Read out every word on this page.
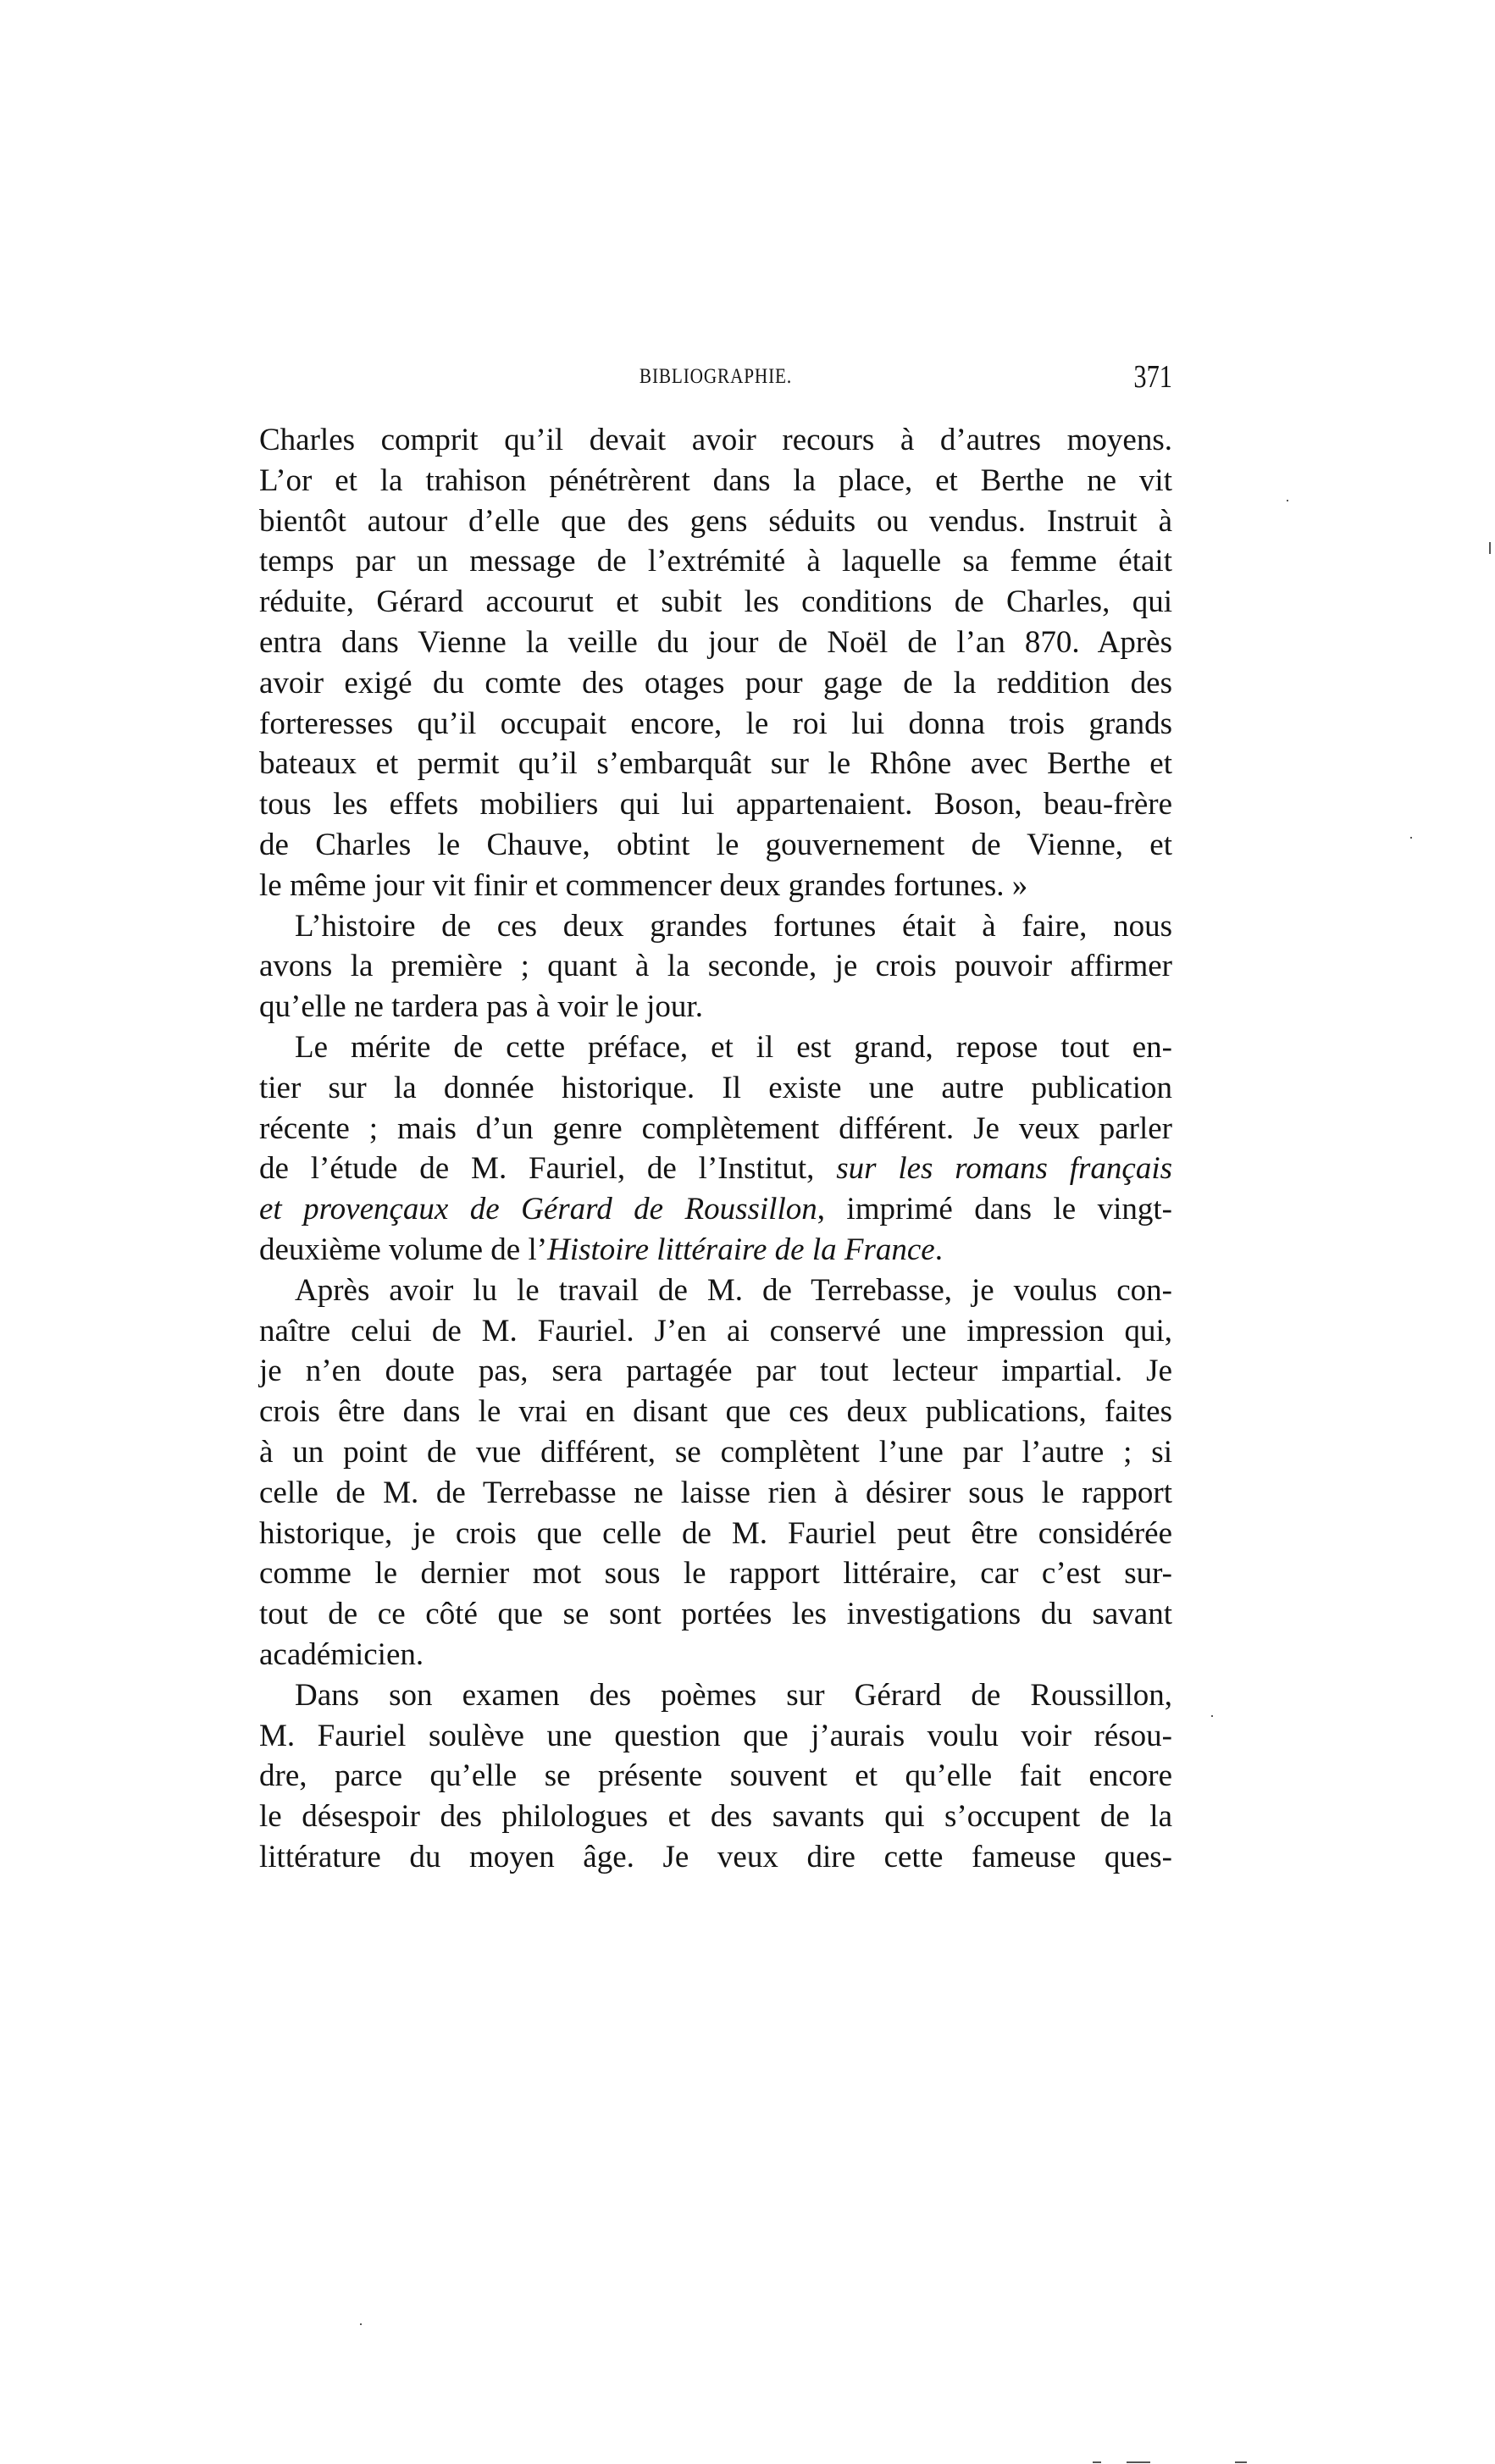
BIBLIOGRAPHIE.	371
Charles comprit qu’il devait avoir recours à d’autres moyens.
L’or et la trahison pénétrèrent dans la place, et Berthe ne vit
bientôt autour d’elle que des gens séduits ou vendus. Instruit à
temps par un message de l’extrémité à laquelle sa femme était
réduite, Gérard accourut et subit les conditions de Charles, qui
entra dans Vienne la veille du jour de Noël de l’an 870. Après
avoir exigé du comte des otages pour gage de la reddition des
forteresses qu’il occupait encore, le roi lui donna trois grands
bateaux et permit qu’il s’embarquât sur le Rhône avec Berthe et
tous les effets mobiliers qui lui appartenaient. Boson, beau-frère
de Charles le Chauve, obtint le gouvernement de Vienne, et
le même jour vit finir et commencer deux grandes fortunes. »
L’histoire de ces deux grandes fortunes était à faire, nous
avons la première ; quant à la seconde, je crois pouvoir affirmer
qu’elle ne tardera pas à voir le jour.
Le mérite de cette préface, et il est grand, repose tout en-
tier sur la donnée historique. Il existe une autre publication
récente ; mais d’un genre complètement différent. Je veux parler
de l’étude de M. Fauriel, de l’Institut, sur les romans français
et provençaux de Gérard de Roussillon, imprimé dans le vingt-
deuxième volume de l’Histoire littéraire de la France.
Après avoir lu le travail de M. de Terrebasse, je voulus con-
naître celui de M. Fauriel. J’en ai conservé une impression qui,
je n’en doute pas, sera partagée par tout lecteur impartial. Je
crois être dans le vrai en disant que ces deux publications, faites
à un point de vue différent, se complètent l’une par l’autre ; si
celle de M. de Terrebasse ne laisse rien à désirer sous le rapport
historique, je crois que celle de M. Fauriel peut être considérée
comme le dernier mot sous le rapport littéraire, car c’est sur-
tout de ce côté que se sont portées les investigations du savant
académicien.
Dans son examen des poèmes sur Gérard de Roussillon,
M. Fauriel soulève une question que j’aurais voulu voir résou-
dre, parce qu’elle se présente souvent et qu’elle fait encore
le désespoir des philologues et des savants qui s’occupent de la
littérature du moyen âge. Je veux dire cette fameuse ques-
